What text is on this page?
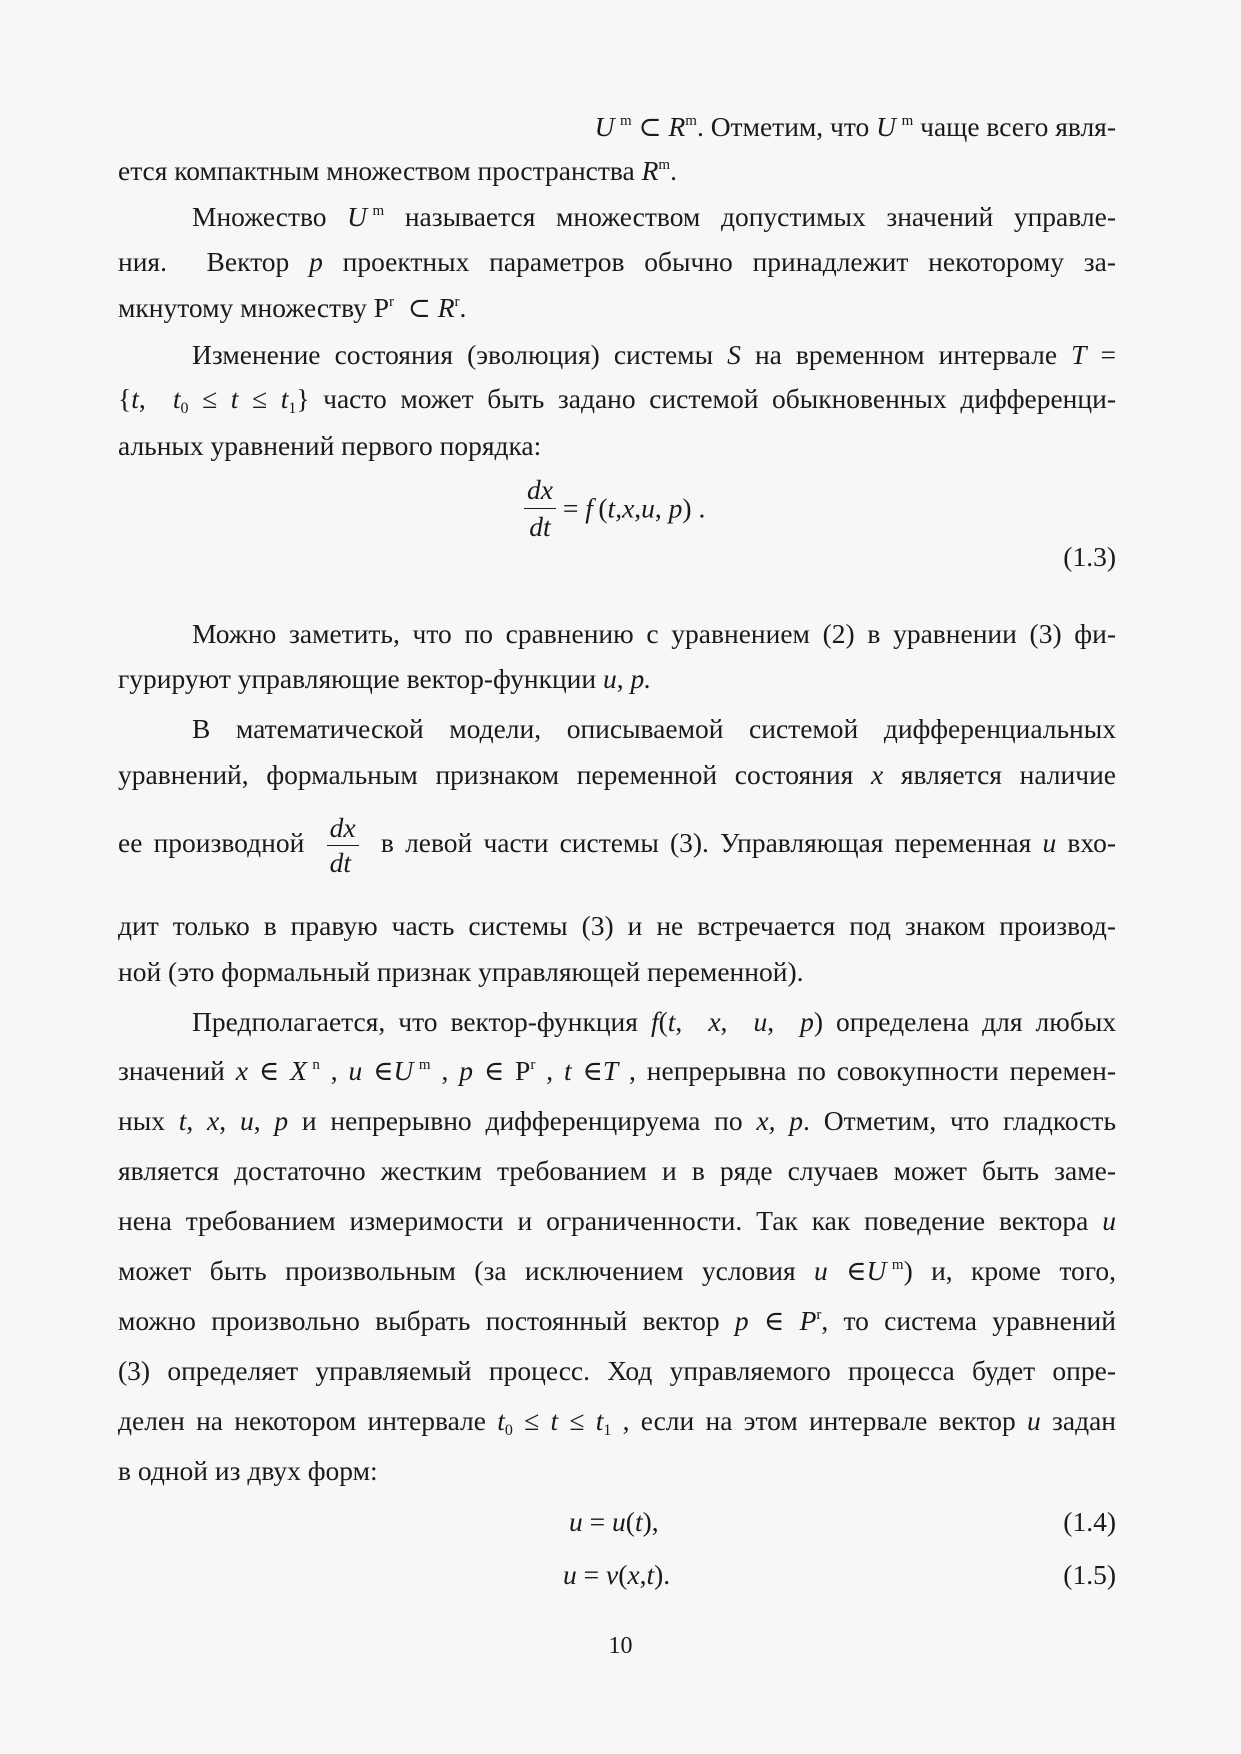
U  $^m$ ⊂ $R^m$. Отметим, что U  $^m$ чаще всего явля-
ется компактным множеством пространства $R^m$.
Множество U  $^m$ называется множеством допустимых значений управле-
ния.  Вектор p проектных параметров обычно принадлежит некоторому за-
мкнутому множеству $P^r$  ⊂ $R^r$.
Изменение состояния (эволюция) системы S на временном интервале T =
{t,  $t_0 \le t \le t_1$} часто может быть задано системой обыкновенных дифференци-
альных уравнений первого порядка:
$\frac{dx}{dt} = f$ (t,x,u, p) .
(1.3)
Можно заметить, что по сравнению с уравнением (2) в уравнении (3) фи-
гурируют управляющие вектор-функции u, p.
В математической модели, описываемой системой дифференциальных
уравнений, формальным признаком переменной состояния x является наличие
ее производной $\frac{dx}{dt}$ в левой части системы (3). Управляющая переменная u вхо-
дит только в правую часть системы (3) и не встречается под знаком производ-
ной (это формальный признак управляющей переменной).
Предполагается, что вектор-функция f(t,  x,  u,  p) определена для любых
значений x ∈ X  $^n$ , u ∈U  $^m$ , p ∈ $P^r$ , t ∈T , непрерывна по совокупности перемен-
ных t, x, u, p и непрерывно дифференцируема по x, p. Отметим, что гладкость
является достаточно жестким требованием и в ряде случаев может быть заме-
нена требованием измеримости и ограниченности. Так как поведение вектора u
может быть произвольным (за исключением условия u ∈U  $^m$) и, кроме того,
можно произвольно выбрать постоянный вектор p ∈ $P^r$, то система уравнений
(3) определяет управляемый процесс. Ход управляемого процесса будет опре-
делен на некотором интервале $t_0 \le t \le t_1$ , если на этом интервале вектор u задан
в одной из двух форм:
u = u(t),	(1.4)
u = v(x,t).	(1.5)
10
